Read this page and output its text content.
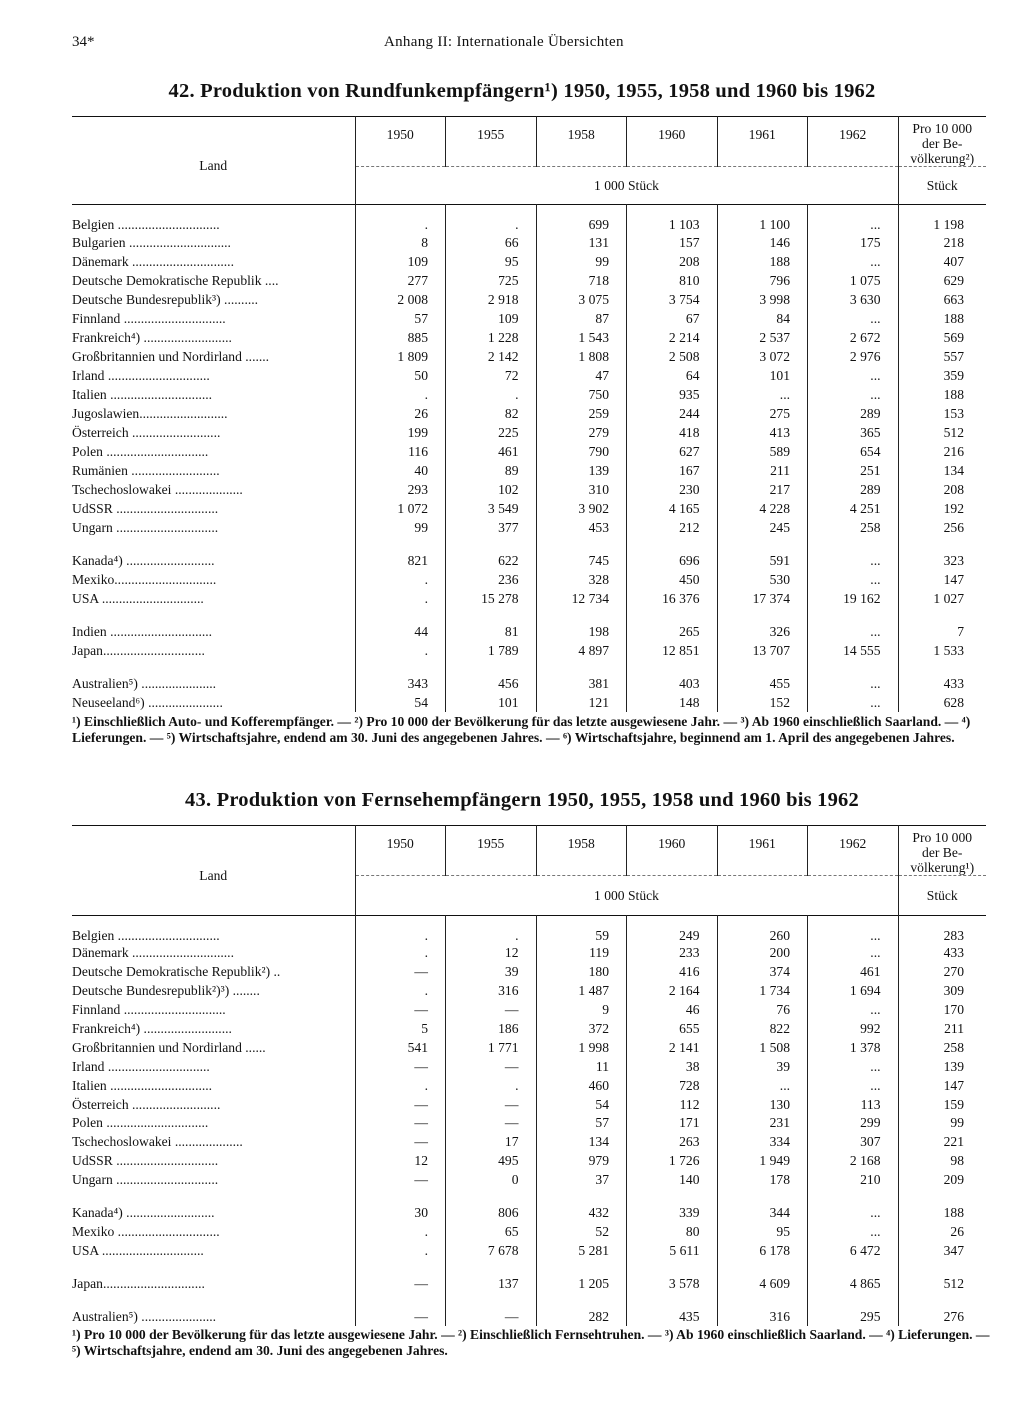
34*	Anhang II: Internationale Übersichten
42. Produktion von Rundfunkempfängern¹) 1950, 1955, 1958 und 1960 bis 1962
Land	1950	1955	1958	1960	1961	1962	Pro 10 000
der Be-
völkerung²)

	1 000 Stück						Stück
Belgien ..............................	.	.	699	1 103	1 100	...	1 198
Bulgarien ..............................	8	66	131	157	146	175	218
Dänemark ..............................	109	95	99	208	188	...	407
Deutsche Demokratische Republik ....	277	725	718	810	796	1 075	629
Deutsche Bundesrepublik³) ..........	2 008	2 918	3 075	3 754	3 998	3 630	663
Finnland ..............................	57	109	87	67	84	...	188
Frankreich⁴) ..........................	885	1 228	1 543	2 214	2 537	2 672	569
Großbritannien und Nordirland .......	1 809	2 142	1 808	2 508	3 072	2 976	557
Irland ..............................	50	72	47	64	101	...	359
Italien ..............................	.	.	750	935	...	...	188
Jugoslawien..........................	26	82	259	244	275	289	153
Österreich ..........................	199	225	279	418	413	365	512
Polen ..............................	116	461	790	627	589	654	216
Rumänien ..........................	40	89	139	167	211	251	134
Tschechoslowakei ....................	293	102	310	230	217	289	208
UdSSR ..............................	1 072	3 549	3 902	4 165	4 228	4 251	192
Ungarn ..............................	99	377	453	212	245	258	256

Kanada⁴) ..........................	821	622	745	696	591	...	323
Mexiko..............................	.	236	328	450	530	...	147
USA ..............................	.	15 278	12 734	16 376	17 374	19 162	1 027

Indien ..............................	44	81	198	265	326	...	7
Japan..............................	.	1 789	4 897	12 851	13 707	14 555	1 533

Australien⁵) ......................	343	456	381	403	455	...	433
Neuseeland⁶) ......................	54	101	121	148	152	...	628
¹) Einschließlich Auto- und Kofferempfänger. — ²) Pro 10 000 der Bevölkerung für das letzte ausgewiesene Jahr. — ³) Ab 1960 einschließlich Saarland. — ⁴) Lieferungen. — ⁵) Wirtschaftsjahre, endend am 30. Juni des angegebenen Jahres. — ⁶) Wirtschaftsjahre, beginnend am 1. April des angegebenen Jahres.
43. Produktion von Fernsehempfängern 1950, 1955, 1958 und 1960 bis 1962
Land	1950	1955	1958	1960	1961	1962	Pro 10 000
der Be-
völkerung¹)

	1 000 Stück						Stück
Belgien ..............................	.	.	59	249	260	...	283
Dänemark ..............................	.	12	119	233	200	...	433
Deutsche Demokratische Republik²) ..	—	39	180	416	374	461	270
Deutsche Bundesrepublik²)³) ........	.	316	1 487	2 164	1 734	1 694	309
Finnland ..............................	—	—	9	46	76	...	170
Frankreich⁴) ..........................	5	186	372	655	822	992	211
Großbritannien und Nordirland ......	541	1 771	1 998	2 141	1 508	1 378	258
Irland ..............................	—	—	11	38	39	...	139
Italien ..............................	.	.	460	728	...	...	147
Österreich ..........................	—	—	54	112	130	113	159
Polen ..............................	—	—	57	171	231	299	99
Tschechoslowakei ....................	—	17	134	263	334	307	221
UdSSR ..............................	12	495	979	1 726	1 949	2 168	98
Ungarn ..............................	—	0	37	140	178	210	209

Kanada⁴) ..........................	30	806	432	339	344	...	188
Mexiko ..............................	.	65	52	80	95	...	26
USA ..............................	.	7 678	5 281	5 611	6 178	6 472	347

Japan..............................	—	137	1 205	3 578	4 609	4 865	512

Australien⁵) ......................	—	—	282	435	316	295	276
¹) Pro 10 000 der Bevölkerung für das letzte ausgewiesene Jahr. — ²) Einschließlich Fernsehtruhen. — ³) Ab 1960 einschließlich Saarland. — ⁴) Lieferungen. — ⁵) Wirtschaftsjahre, endend am 30. Juni des angegebenen Jahres.
